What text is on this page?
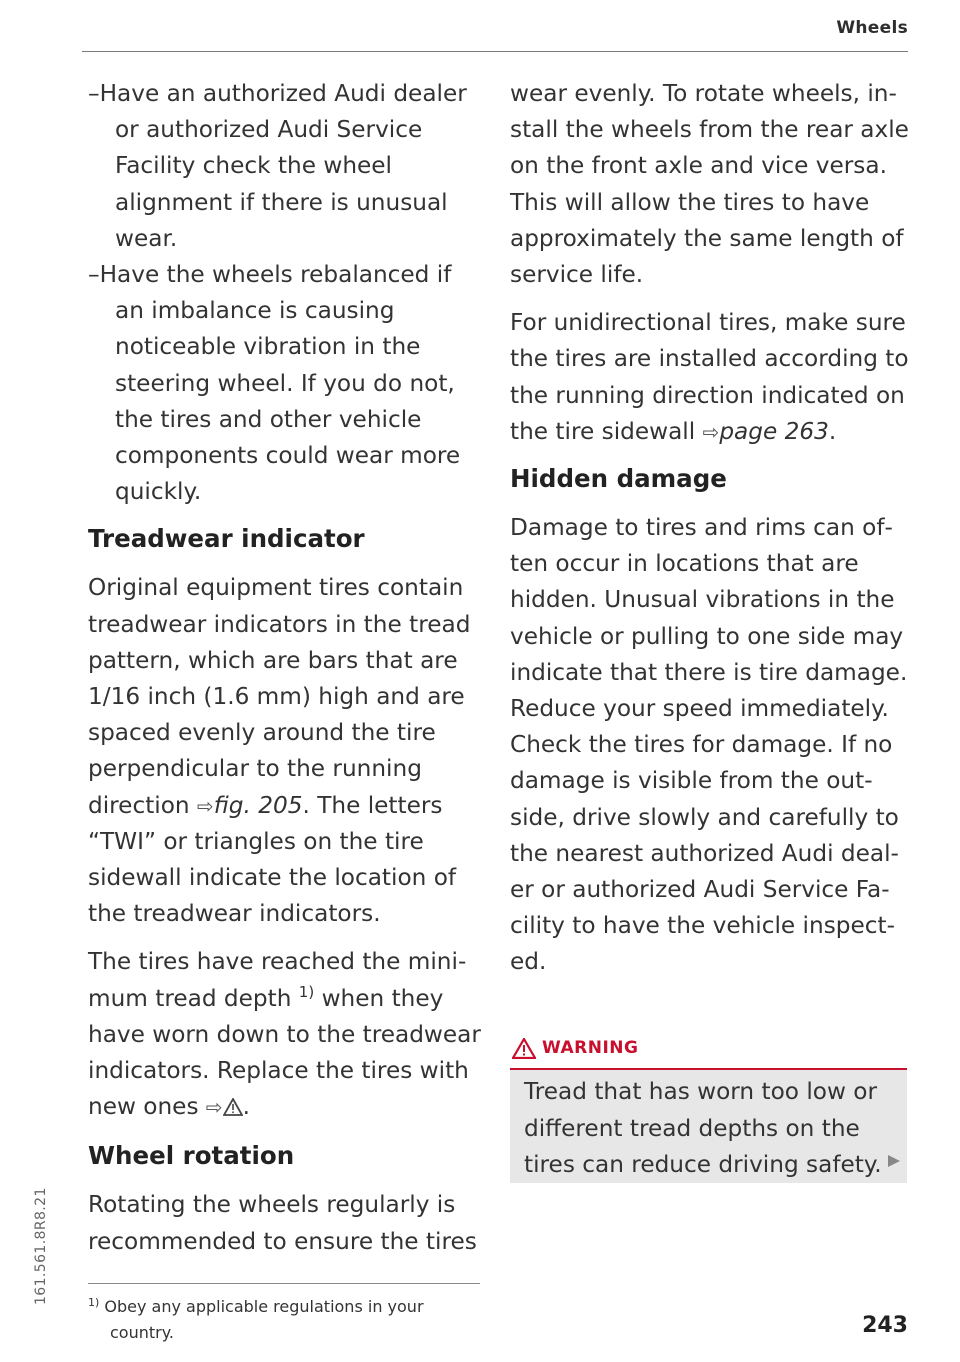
Wheels
–Have an authorized Audi dealer or authorized Audi Service Facility check the wheel alignment if there is unusual wear.
–Have the wheels rebalanced if an imbalance is causing noticeable vibration in the steering wheel. If you do not, the tires and other vehicle components could wear more quickly.
Treadwear indicator

Original equipment tires contain treadwear indicators in the tread pattern, which are bars that are 1/16 inch (1.6 mm) high and are spaced evenly around the tire perpendicular to the running direction ⇨fig. 205. The letters “TWI” or triangles on the tire sidewall indicate the location of the treadwear indicators.

The tires have reached the minimum tread depth $^{1)}$ when they have worn down to the treadwear indicators. Replace the tires with new ones ⇨ .

Wheel rotation

Rotating the wheels regularly is recommended to ensure the tires

wear evenly. To rotate wheels, install the wheels from the rear axle on the front axle and vice versa. This will allow the tires to have approximately the same length of service life.

For unidirectional tires, make sure the tires are installed according to the running direction indicated on the tire sidewall ⇨page 263.

Hidden damage

Damage to tires and rims can often occur in locations that are hidden. Unusual vibrations in the vehicle or pulling to one side may indicate that there is tire damage. Reduce your speed immediately. Check the tires for damage. If no damage is visible from the outside, drive slowly and carefully to the nearest authorized Audi dealer or authorized Audi Service Facility to have the vehicle inspected.

WARNING
Tread that has worn too low or different tread depths on the tires can reduce driving safety.
$^{1)}$ Obey any applicable regulations in your
country.	243
161.561.8R8.21
